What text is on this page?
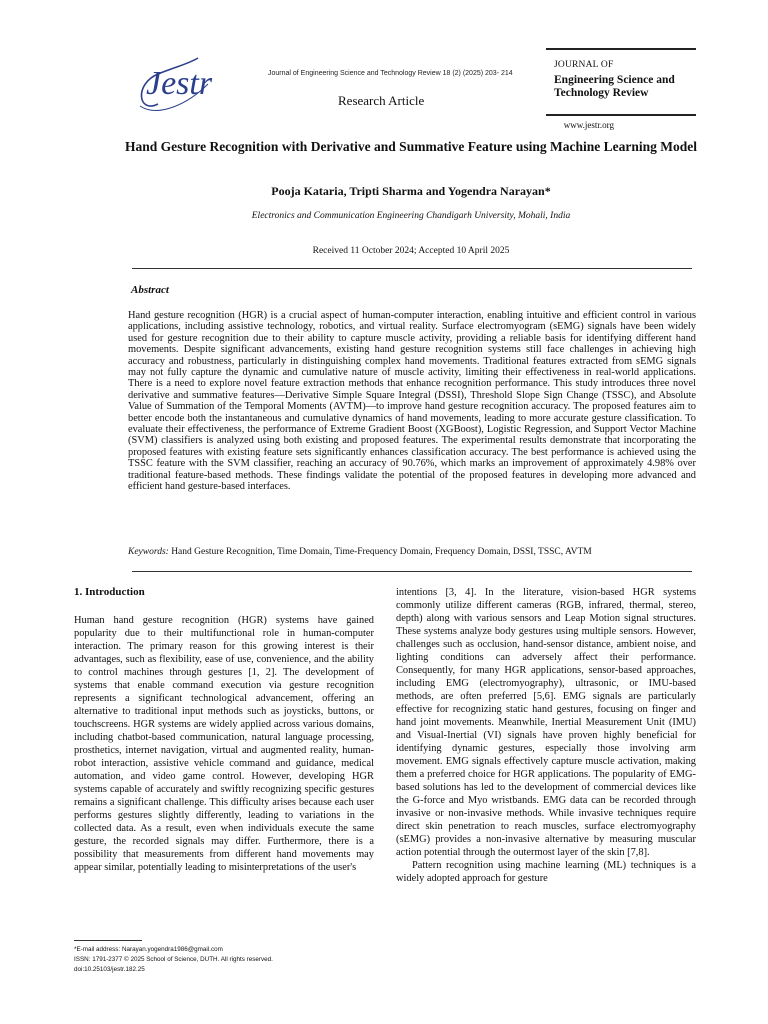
Jestr	Journal of Engineering Science and Technology Review 18 (2) (2025) 203- 214
Research Article
JOURNAL OF
Engineering Science and
Technology Review
www.jestr.org
Hand Gesture Recognition with Derivative and Summative Feature using Machine Learning Model
Pooja Kataria, Tripti Sharma and Yogendra Narayan*
Electronics and Communication Engineering Chandigarh University, Mohali, India
Received 11 October 2024; Accepted 10 April 2025
Abstract
Hand gesture recognition (HGR) is a crucial aspect of human-computer interaction, enabling intuitive and efficient control in various applications, including assistive technology, robotics, and virtual reality. Surface electromyogram (sEMG) signals have been widely used for gesture recognition due to their ability to capture muscle activity, providing a reliable basis for identifying different hand movements. Despite significant advancements, existing hand gesture recognition systems still face challenges in achieving high accuracy and robustness, particularly in distinguishing complex hand movements. Traditional features extracted from sEMG signals may not fully capture the dynamic and cumulative nature of muscle activity, limiting their effectiveness in real-world applications. There is a need to explore novel feature extraction methods that enhance recognition performance. This study introduces three novel derivative and summative features—Derivative Simple Square Integral (DSSI), Threshold Slope Sign Change (TSSC), and Absolute Value of Summation of the Temporal Moments (AVTM)—to improve hand gesture recognition accuracy. The proposed features aim to better encode both the instantaneous and cumulative dynamics of hand movements, leading to more accurate gesture classification. To evaluate their effectiveness, the performance of Extreme Gradient Boost (XGBoost), Logistic Regression, and Support Vector Machine (SVM) classifiers is analyzed using both existing and proposed features. The experimental results demonstrate that incorporating the proposed features with existing feature sets significantly enhances classification accuracy. The best performance is achieved using the TSSC feature with the SVM classifier, reaching an accuracy of 90.76%, which marks an improvement of approximately 4.98% over traditional feature-based methods. These findings validate the potential of the proposed features in developing more advanced and efficient hand gesture-based interfaces.
Keywords: Hand Gesture Recognition, Time Domain, Time-Frequency Domain, Frequency Domain, DSSI, TSSC, AVTM
1. Introduction

Human hand gesture recognition (HGR) systems have gained popularity due to their multifunctional role in human-computer interaction. The primary reason for this growing interest is their advantages, such as flexibility, ease of use, convenience, and the ability to control machines through gestures [1, 2]. The development of systems that enable command execution via gesture recognition represents a significant technological advancement, offering an alternative to traditional input methods such as joysticks, buttons, or touchscreens. HGR systems are widely applied across various domains, including chatbot-based communication, natural language processing, prosthetics, internet navigation, virtual and augmented reality, human-robot interaction, assistive vehicle command and guidance, medical automation, and video game control. However, developing HGR systems capable of accurately and swiftly recognizing specific gestures remains a significant challenge. This difficulty arises because each user performs gestures slightly differently, leading to variations in the collected data. As a result, even when individuals execute the same gesture, the recorded signals may differ. Furthermore, there is a possibility that measurements from different hand movements may appear similar, potentially leading to misinterpretations of the user's

intentions [3, 4]. In the literature, vision-based HGR systems commonly utilize different cameras (RGB, infrared, thermal, stereo, depth) along with various sensors and Leap Motion signal structures. These systems analyze body gestures using multiple sensors. However, challenges such as occlusion, hand-sensor distance, ambient noise, and lighting conditions can adversely affect their performance. Consequently, for many HGR applications, sensor-based approaches, including EMG (electromyography), ultrasonic, or IMU-based methods, are often preferred [5,6]. EMG signals are particularly effective for recognizing static hand gestures, focusing on finger and hand joint movements. Meanwhile, Inertial Measurement Unit (IMU) and Visual-Inertial (VI) signals have proven highly beneficial for identifying dynamic gestures, especially those involving arm movement. EMG signals effectively capture muscle activation, making them a preferred choice for HGR applications. The popularity of EMG-based solutions has led to the development of commercial devices like the G-force and Myo wristbands. EMG data can be recorded through invasive or non-invasive methods. While invasive techniques require direct skin penetration to reach muscles, surface electromyography (sEMG) provides a non-invasive alternative by measuring muscular action potential through the outermost layer of the skin [7,8].

Pattern recognition using machine learning (ML) techniques is a widely adopted approach for gesture

*E-mail address: Narayan.yogendra1986@gmail.com
ISSN: 1791-2377 © 2025 School of Science, DUTH. All rights reserved.
doi:10.25103/jestr.182.25
